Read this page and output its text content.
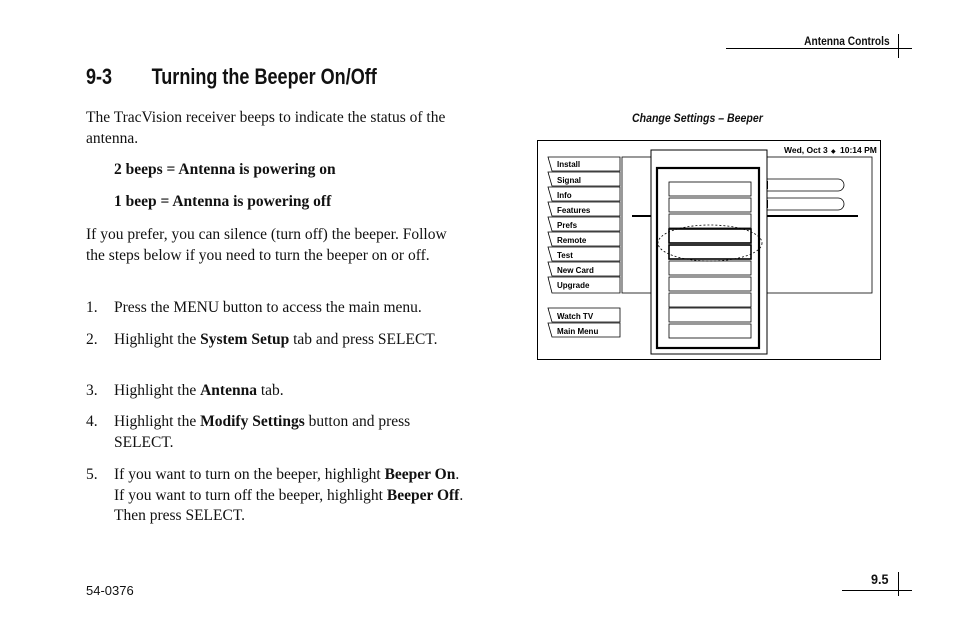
Antenna Controls
9-3 Turning the Beeper On/Off
The TracVision receiver beeps to indicate the status of the antenna.
2 beeps = Antenna is powering on
1 beep = Antenna is powering off
If you prefer, you can silence (turn off) the beeper. Follow the steps below if you need to turn the beeper on or off.
1. Press the MENU button to access the main menu.
2. Highlight the System Setup tab and press SELECT.
3. Highlight the Antenna tab.
4. Highlight the Modify Settings button and press SELECT.
5. If you want to turn on the beeper, highlight Beeper On. If you want to turn off the beeper, highlight Beeper Off. Then press SELECT.
Change Settings – Beeper
Wed, Oct 3 ◆ 10:14 PM
Install
Signal
Info
Features
Prefs
Remote
Test
New Card
Upgrade
Watch TV
Main Menu
54-0376
9.5
